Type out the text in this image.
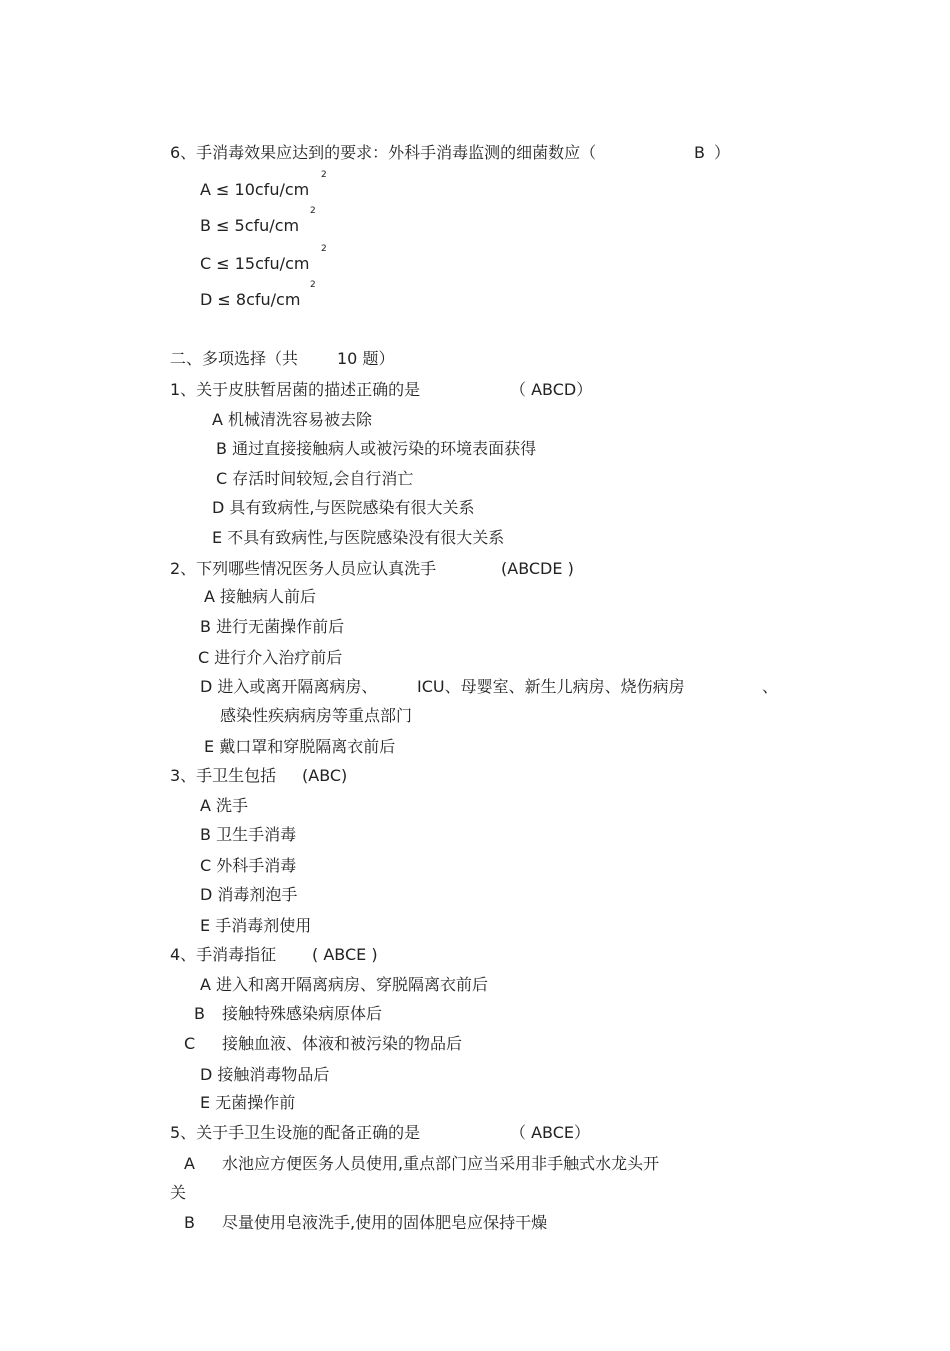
6、手消毒效果应达到的要求：外科手消毒监测的细菌数应（	B ）
A ≤ 10cfu/cm
2
B ≤ 5cfu/cm
2
C ≤ 15cfu/cm
2
D ≤ 8cfu/cm
2
二、多项选择（共 10 题）
1、关于皮肤暂居菌的描述正确的是	（ ABCD）
A 机械清洗容易被去除
B 通过直接接触病人或被污染的环境表面获得
C 存活时间较短,会自行消亡
D 具有致病性,与医院感染有很大关系
E 不具有致病性,与医院感染没有很大关系
2、下列哪些情况医务人员应认真洗手	(ABCDE )
A 接触病人前后
B 进行无菌操作前后
C 进行介入治疗前后
D 进入或离开隔离病房、 ICU、母婴室、新生儿病房、烧伤病房	、
感染性疾病病房等重点部门
E 戴口罩和穿脱隔离衣前后
3、手卫生包括 (ABC)
A 洗手
B 卫生手消毒
C 外科手消毒
D 消毒剂泡手
E 手消毒剂使用
4、手消毒指征 ( ABCE )
A 进入和离开隔离病房、穿脱隔离衣前后
B 接触特殊感染病原体后
C 接触血液、体液和被污染的物品后
D 接触消毒物品后
E 无菌操作前
5、关于手卫生设施的配备正确的是	（ ABCE）
A 水池应方便医务人员使用,重点部门应当采用非手触式水龙头开
关
B 尽量使用皂液洗手,使用的固体肥皂应保持干燥
